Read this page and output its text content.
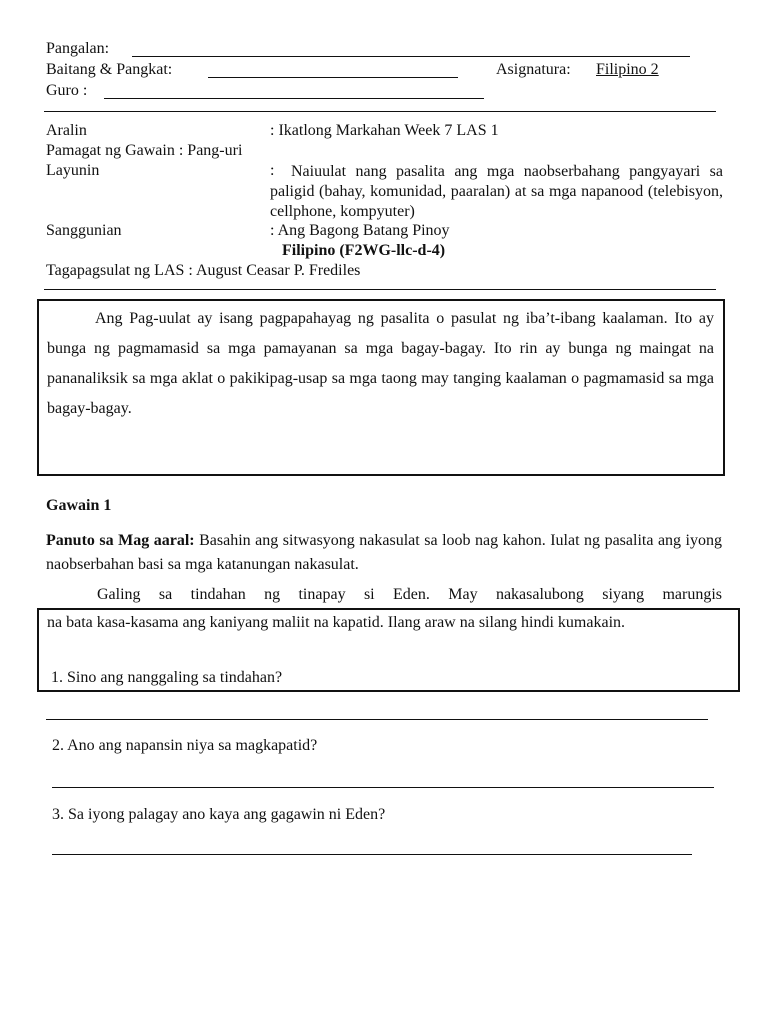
Pangalan:
Baitang & Pangkat:	Asignatura: Filipino 2
Guro :
Aralin	: Ikatlong Markahan Week 7 LAS 1
Pamagat ng Gawain : Pang-uri
Layunin	:	Naiuulat nang pasalita ang mga naobserbahang pangyayari sa paligid (bahay, komunidad, paaralan) at sa mga napanood (telebisyon, cellphone, kompyuter)
Sanggunian	: Ang Bagong Batang Pinoy
Filipino (F2WG-llc-d-4)
Tagapagsulat ng LAS : August Ceasar P. Frediles

Ang Pag-uulat ay isang pagpapahayag ng pasalita o pasulat ng iba’t-ibang kaalaman. Ito ay bunga ng pagmamasid sa mga pamayanan sa mga bagay-bagay. Ito rin ay bunga ng maingat na pananaliksik sa mga aklat o pakikipag-usap sa mga taong may tanging kaalaman o pagmamasid sa mga bagay-bagay.

Gawain 1
Panuto sa Mag aaral: Basahin ang sitwasyong nakasulat sa loob nag kahon. Iulat ng pasalita ang iyong naobserbahan basi sa mga katanungan nakasulat.
Galing sa tindahan ng tinapay si Eden. May nakasalubong siyang marungis
na bata kasa-kasama ang kaniyang maliit na kapatid. Ilang araw na silang hindi kumakain.
1. Sino ang nanggaling sa tindahan?
2. Ano ang napansin niya sa magkapatid?
3. Sa iyong palagay ano kaya ang gagawin ni Eden?
